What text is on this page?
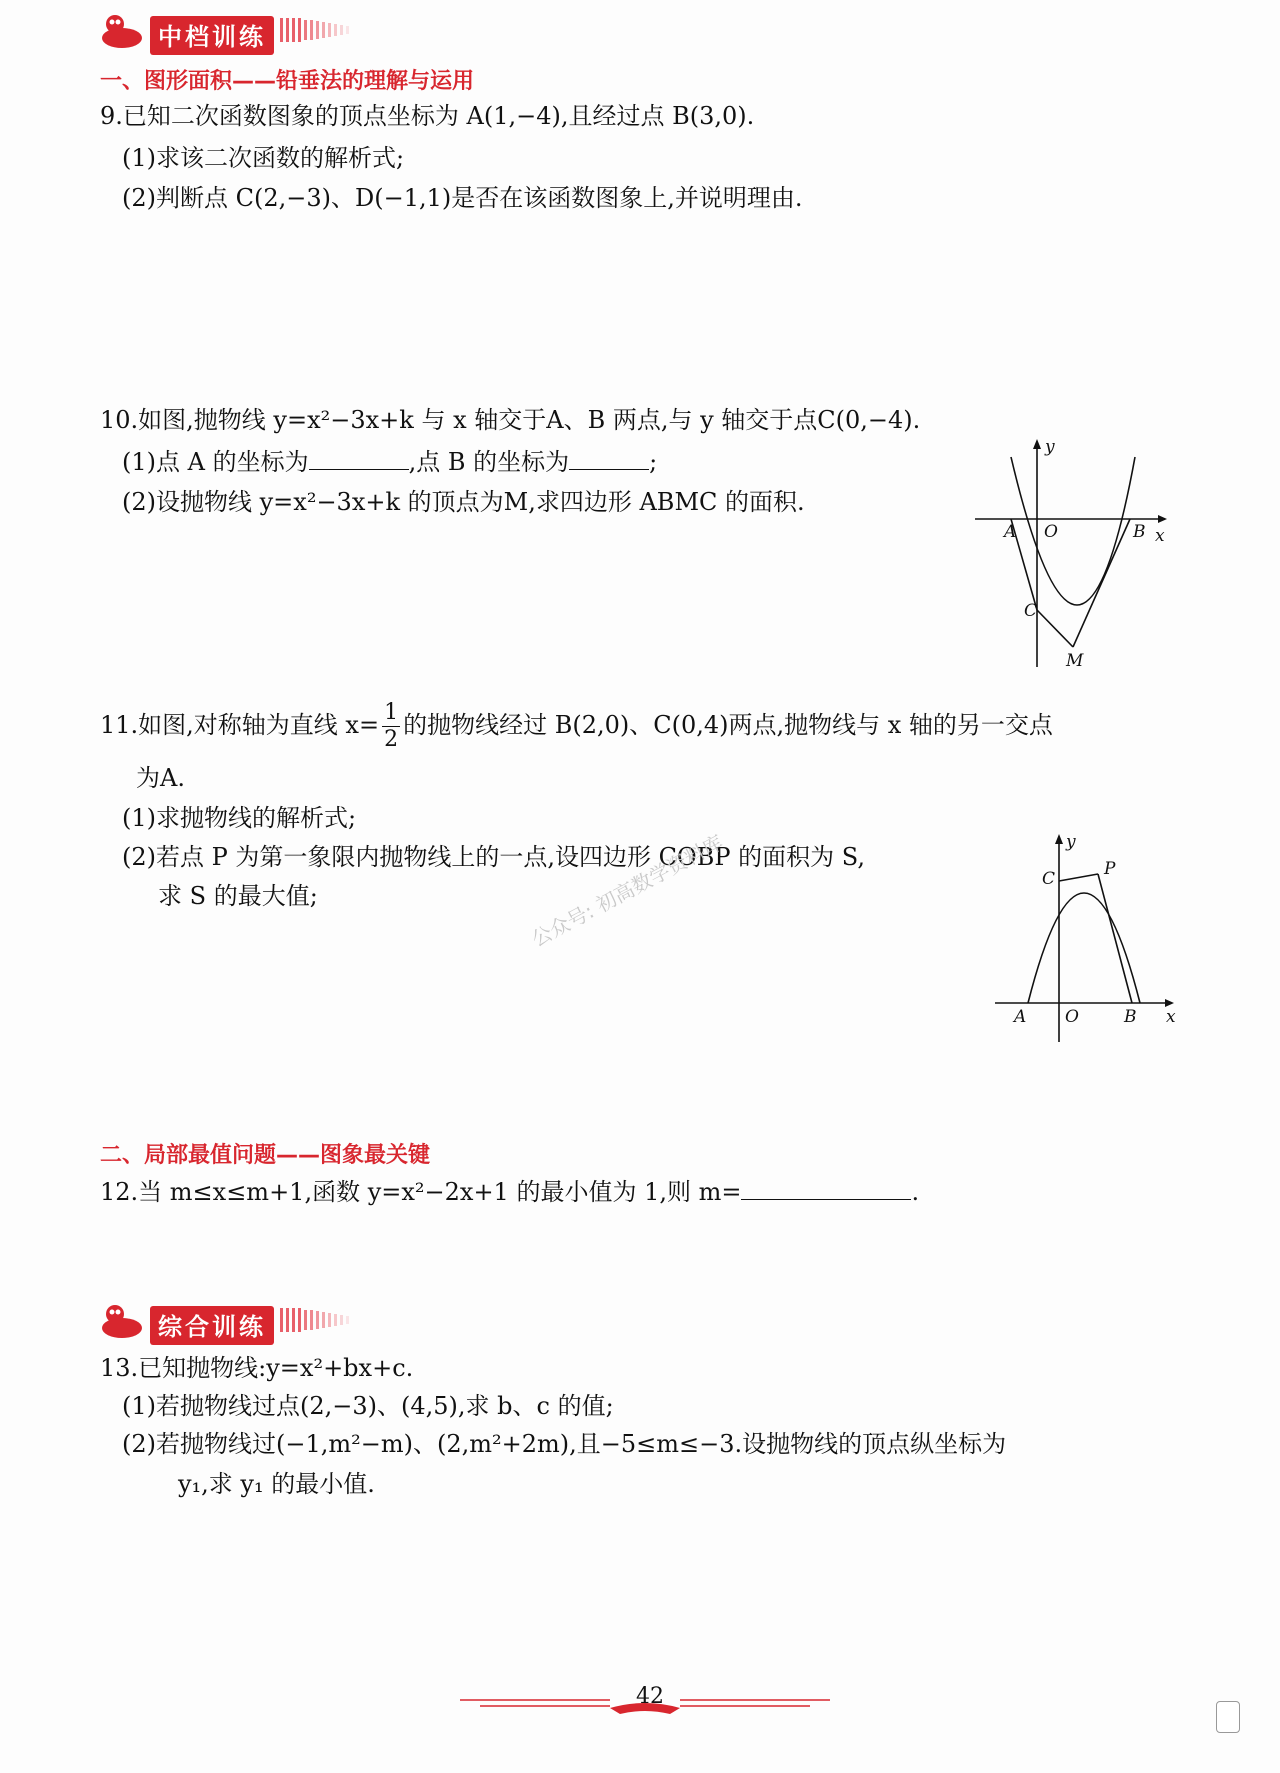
中档训练
一、图形面积——铅垂法的理解与运用
9.已知二次函数图象的顶点坐标为 A(1,−4),且经过点 B(3,0).
(1)求该二次函数的解析式;
(2)判断点 C(2,−3)、D(−1,1)是否在该函数图象上,并说明理由.
10.如图,抛物线 y=x²−3x+k 与 x 轴交于A、B 两点,与 y 轴交于点C(0,−4).
(1)点 A 的坐标为	,点 B 的坐标为	;
(2)设抛物线 y=x²−3x+k 的顶点为M,求四边形 ABMC 的面积.
y
x
A O	B
C
M
11.如图,对称轴为直线 $x= \frac{1}{2}$ 的抛物线经过 B(2,0)、C(0,4)两点,抛物线与 x 轴的另一交点
为A.
(1)求抛物线的解析式;
(2)若点 P 为第一象限内抛物线上的一点,设四边形 COBP 的面积为 S,
求 S 的最大值;	公众号: 初高数学资料库	y
x
A O	B
C	P
二、局部最值问题——图象最关键
12.当 m≤x≤m+1,函数 y=x²−2x+1 的最小值为 1,则 m=	.
综合训练
13.已知抛物线:y=x²+bx+c.
(1)若抛物线过点(2,−3)、(4,5),求 b、c 的值;
(2)若抛物线过(−1,m²−m)、(2,m²+2m),且−5≤m≤−3.设抛物线的顶点纵坐标为
y₁,求 y₁ 的最小值.
42
